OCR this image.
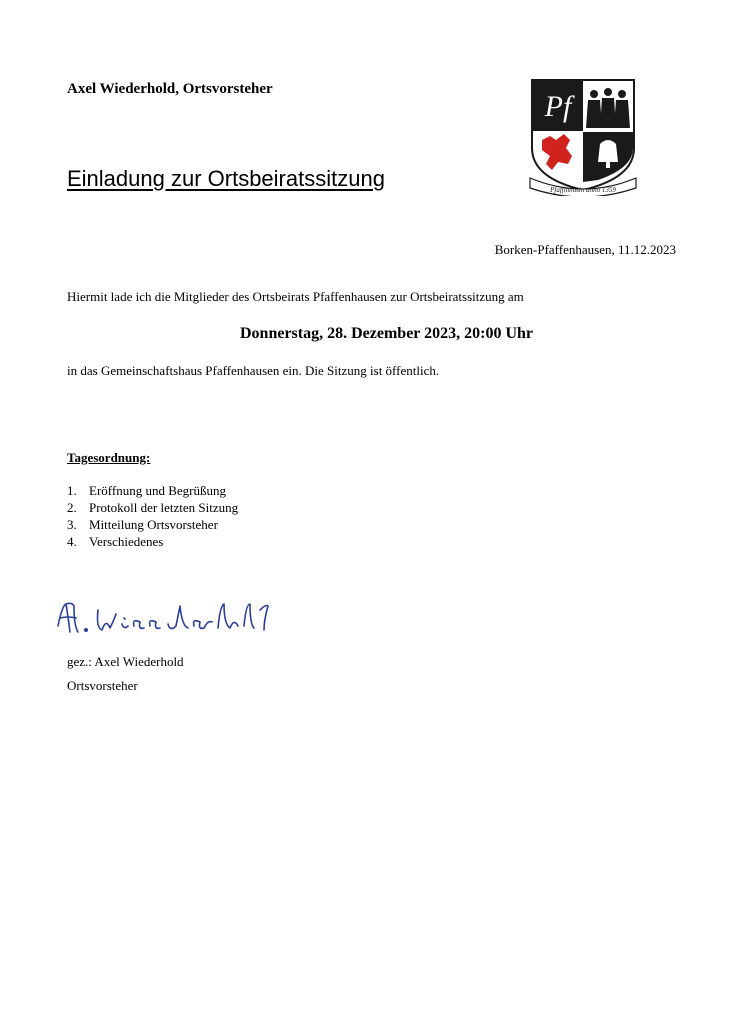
Axel Wiederhold, Ortsvorsteher
Pf
Pfaffinhusin anno 1359
Einladung zur Ortsbeiratssitzung
Borken-Pfaffenhausen, 11.12.2023
Hiermit lade ich die Mitglieder des Ortsbeirats Pfaffenhausen zur Ortsbeiratssitzung am
Donnerstag, 28. Dezember 2023, 20:00 Uhr
in das Gemeinschaftshaus Pfaffenhausen ein. Die Sitzung ist öffentlich.
Tagesordnung:
1. Eröffnung und Begrüßung
2. Protokoll der letzten Sitzung
3. Mitteilung Ortsvorsteher
4. Verschiedenes
gez.: Axel Wiederhold
Ortsvorsteher
